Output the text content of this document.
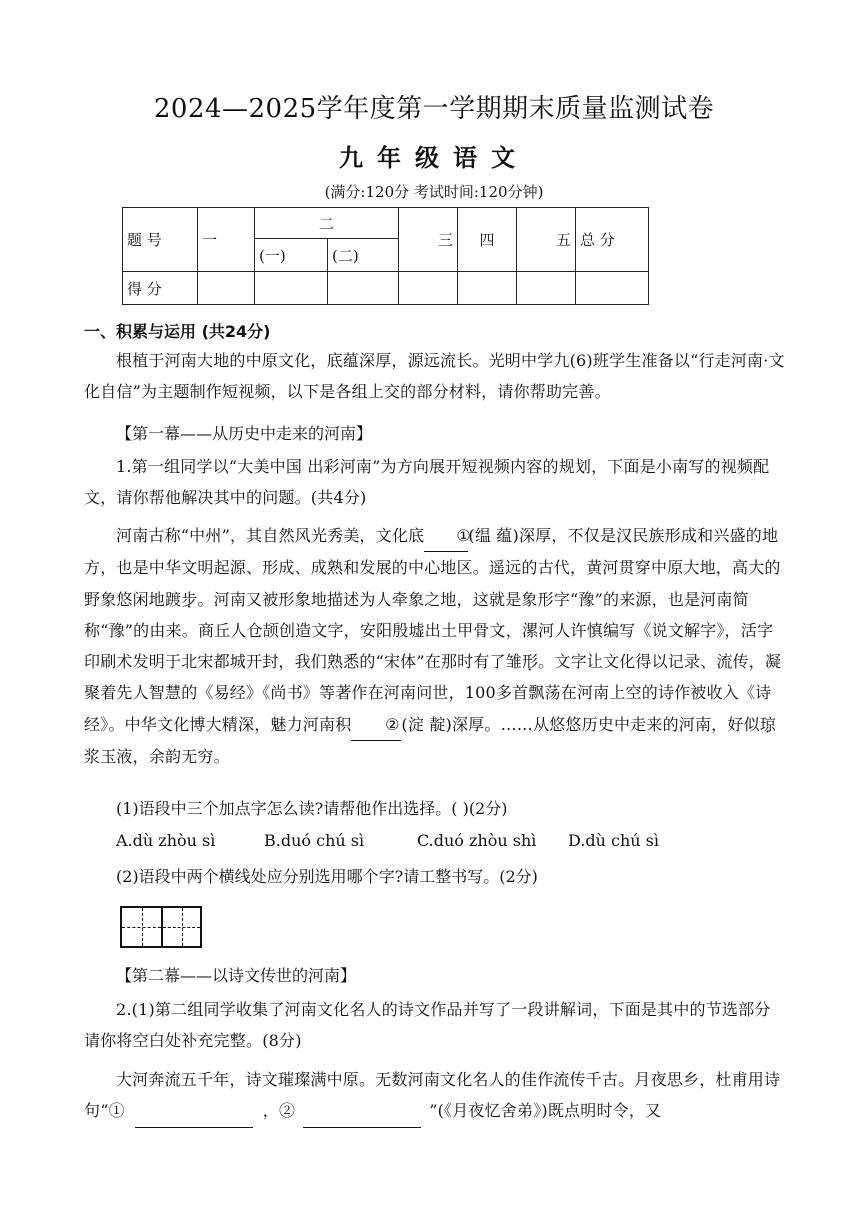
2024—2025学年度第一学期期末质量监测试卷
九年级语文
(满分:120分 考试时间:120分钟)
题 号	一	二		三	四	五	总 分
		(一)	(二)				
得 分							
一、积累与运用 (共24分)
根植于河南大地的中原文化，底蕴深厚，源远流长。光明中学九(6)班学生准备以“行走河南·文化自信”为主题制作短视频，以下是各组上交的部分材料，请你帮助完善。
【第一幕——从历史中走来的河南】
1.第一组同学以“大美中国 出彩河南”为方向展开短视频内容的规划，下面是小南写的视频配文，请你帮他解决其中的问题。(共4分)
河南古称“中州”，其自然风光秀美，文化底 ①(缊 蕴)深厚，不仅是汉民族形成和兴盛的地方，也是中华文明起源、形成、成熟和发展的中心地区。遥远的古代，黄河贯穿中原大地，高大的野象悠闲地踱步。河南又被形象地描述为人牵象之地，这就是象形字“豫”的来源，也是河南简称“豫”的由来。商丘人仓颉创造文字，安阳殷墟出土甲骨文，漯河人许慎编写《说文解字》，活字印刷术发明于北宋都城开封，我们熟悉的“宋体”在那时有了雏形。文字让文化得以记录、流传，凝聚着先人智慧的《易经》《尚书》等著作在河南问世，100多首飘荡在河南上空的诗作被收入《诗经》。中华文化博大精深，魅力河南积 ② (淀 靛)深厚。……从悠悠历史中走来的河南，好似琼浆玉液，余韵无穷。
(1)语段中三个加点字怎么读?请帮他作出选择。( )(2分)
A.dù zhòu sì	B.duó chú sì	C.duó zhòu shì D.dù chú sì
(2)语段中两个横线处应分别选用哪个字?请工整书写。(2分)
【第二幕——以诗文传世的河南】
2.(1)第二组同学收集了河南文化名人的诗文作品并写了一段讲解词，下面是其中的节选部分 请你将空白处补充完整。(8分)
大河奔流五千年，诗文璀璨满中原。无数河南文化名人的佳作流传千古。月夜思乡，杜甫用诗句“①	，②	”(《月夜忆舍弟》)既点明时令，又
